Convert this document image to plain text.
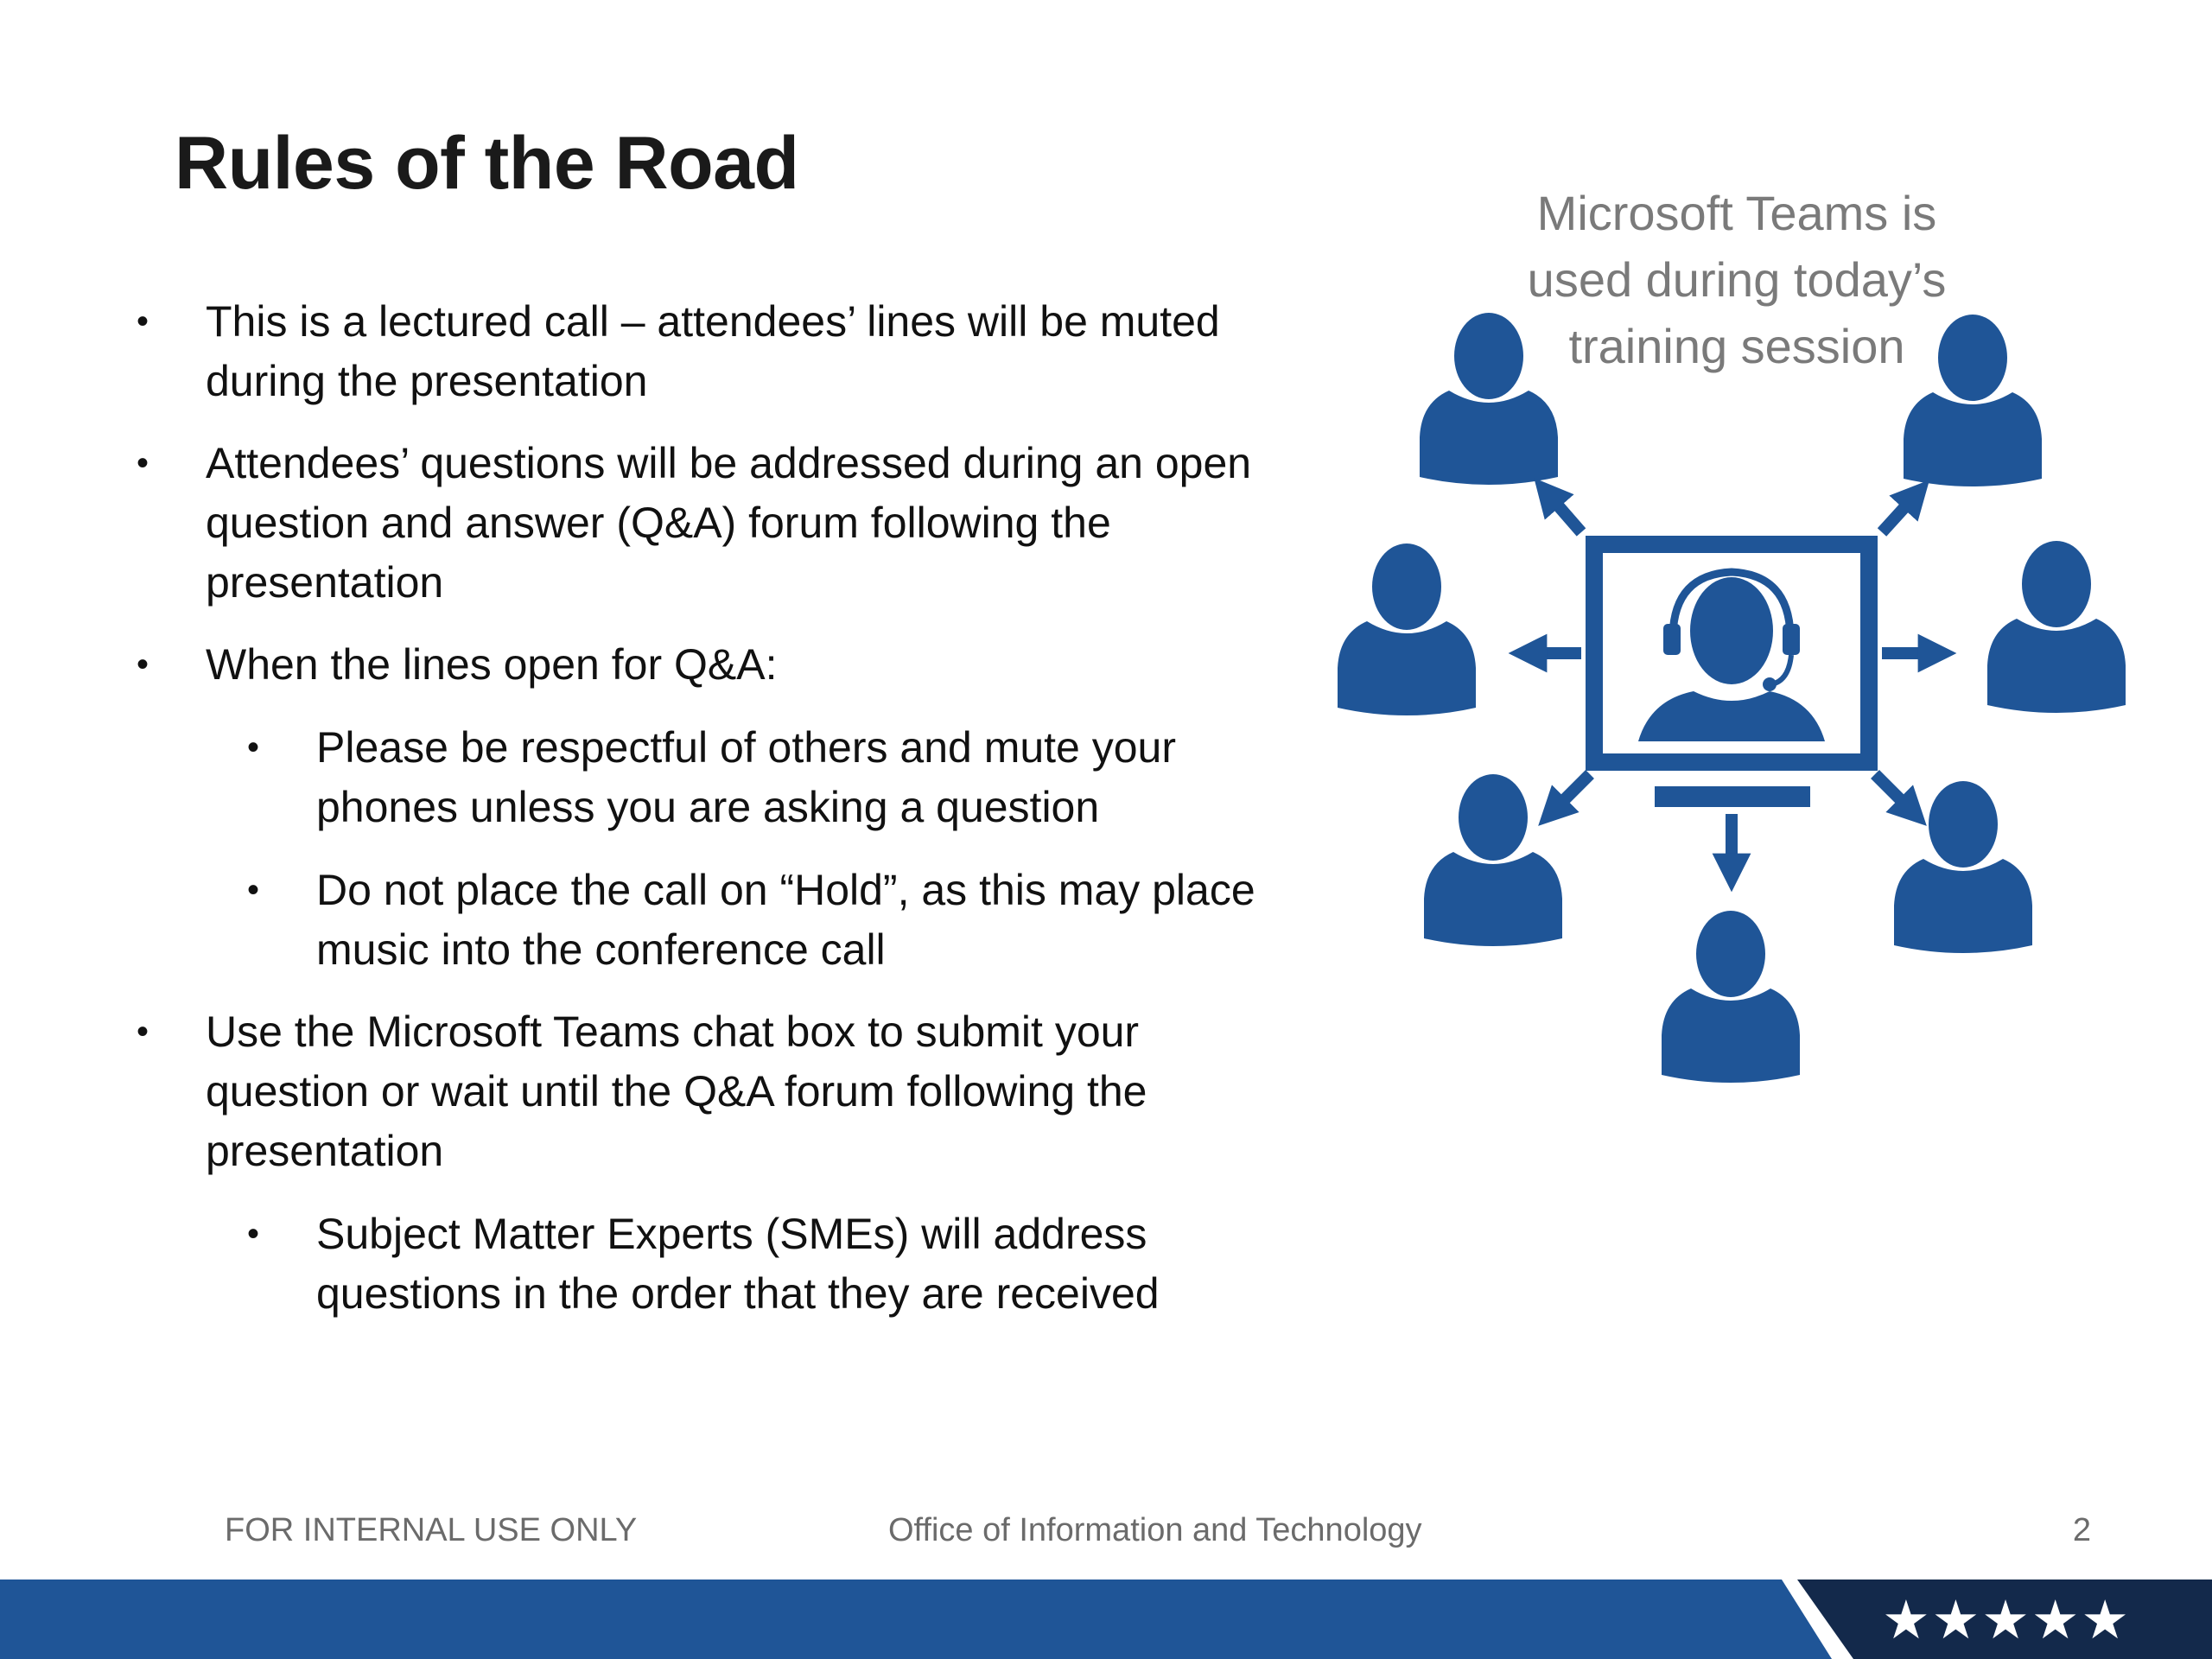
Rules of the Road
• This is a lectured call – attendees’ lines will be muted during the presentation
• Attendees’ questions will be addressed during an open question and answer (Q&A) forum following the presentation
• When the lines open for Q&A:
• Please be respectful of others and mute your phones unless you are asking a question
• Do not place the call on “Hold”, as this may place music into the conference call
• Use the Microsoft Teams chat box to submit your question or wait until the Q&A forum following the presentation
• Subject Matter Experts (SMEs) will address questions in the order that they are received
Microsoft Teams is used during today’s training session
FOR INTERNAL USE ONLY	Office of Information and Technology	2
★★★★★
